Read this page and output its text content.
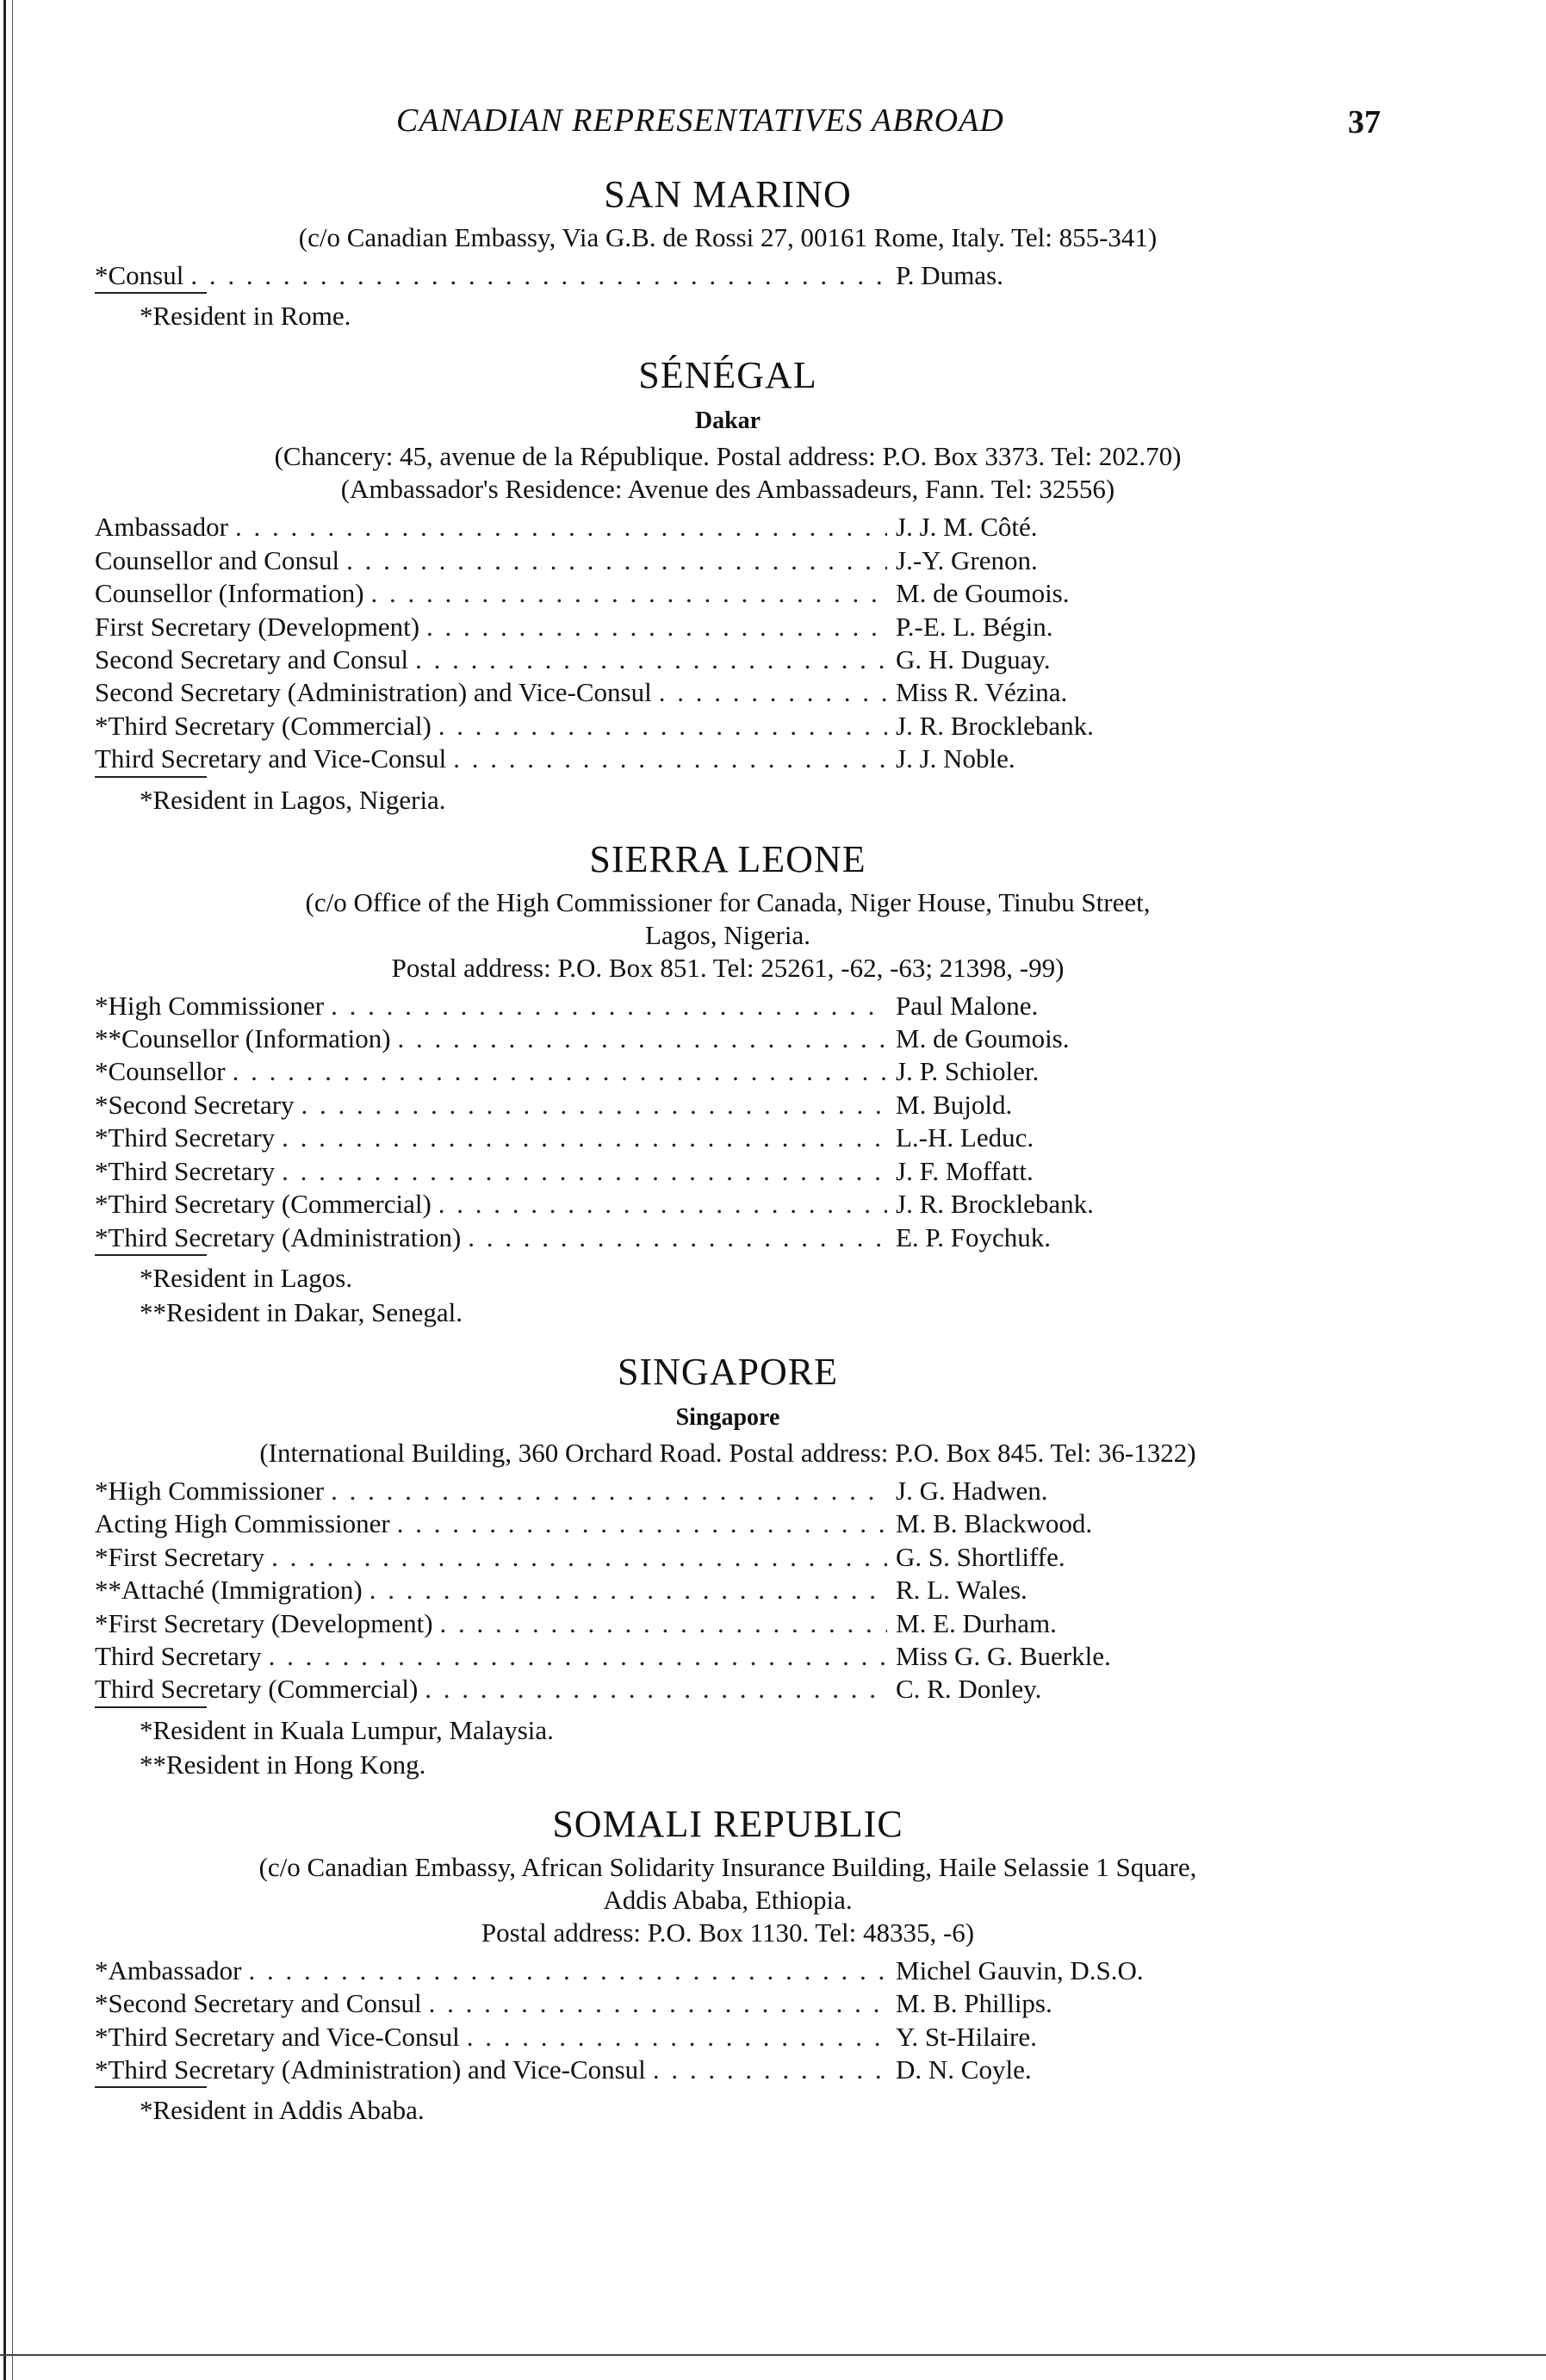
CANADIAN REPRESENTATIVES ABROAD	37
SAN MARINO
(c/o Canadian Embassy, Via G.B. de Rossi 27, 00161 Rome, Italy. Tel: 855-341)
*Consul . . .	P. Dumas.
*Resident in Rome.
SÉNÉGAL
Dakar
(Chancery: 45, avenue de la République. Postal address: P.O. Box 3373. Tel: 202.70)
(Ambassador's Residence: Avenue des Ambassadeurs, Fann. Tel: 32556)
Ambassador . . .	J. J. M. Côté.
Counsellor and Consul . . .	J.-Y. Grenon.
Counsellor (Information) . . .	M. de Goumois.
First Secretary (Development) . . .	P.-E. L. Bégin.
Second Secretary and Consul . . .	G. H. Duguay.
Second Secretary (Administration) and Vice-Consul . . .	Miss R. Vézina.
*Third Secretary (Commercial) . . .	J. R. Brocklebank.
Third Secretary and Vice-Consul . . .	J. J. Noble.
*Resident in Lagos, Nigeria.
SIERRA LEONE
(c/o Office of the High Commissioner for Canada, Niger House, Tinubu Street,
Lagos, Nigeria.
Postal address: P.O. Box 851. Tel: 25261, -62, -63; 21398, -99)
*High Commissioner . . .	Paul Malone.
**Counsellor (Information) . . .	M. de Goumois.
*Counsellor . . .	J. P. Schioler.
*Second Secretary . . .	M. Bujold.
*Third Secretary . . .	L.-H. Leduc.
*Third Secretary . . .	J. F. Moffatt.
*Third Secretary (Commercial) . . .	J. R. Brocklebank.
*Third Secretary (Administration) . . .	E. P. Foychuk.
*Resident in Lagos.
**Resident in Dakar, Senegal.
SINGAPORE
Singapore
(International Building, 360 Orchard Road. Postal address: P.O. Box 845. Tel: 36-1322)
*High Commissioner . . .	J. G. Hadwen.
Acting High Commissioner . . .	M. B. Blackwood.
*First Secretary . . .	G. S. Shortliffe.
**Attaché (Immigration) . . .	R. L. Wales.
*First Secretary (Development) . . .	M. E. Durham.
Third Secretary . . .	Miss G. G. Buerkle.
Third Secretary (Commercial) . . .	C. R. Donley.
*Resident in Kuala Lumpur, Malaysia.
**Resident in Hong Kong.
SOMALI REPUBLIC
(c/o Canadian Embassy, African Solidarity Insurance Building, Haile Selassie 1 Square,
Addis Ababa, Ethiopia.
Postal address: P.O. Box 1130. Tel: 48335, -6)
*Ambassador . . .	Michel Gauvin, D.S.O.
*Second Secretary and Consul . . .	M. B. Phillips.
*Third Secretary and Vice-Consul . . .	Y. St-Hilaire.
*Third Secretary (Administration) and Vice-Consul . . .	D. N. Coyle.
*Resident in Addis Ababa.
